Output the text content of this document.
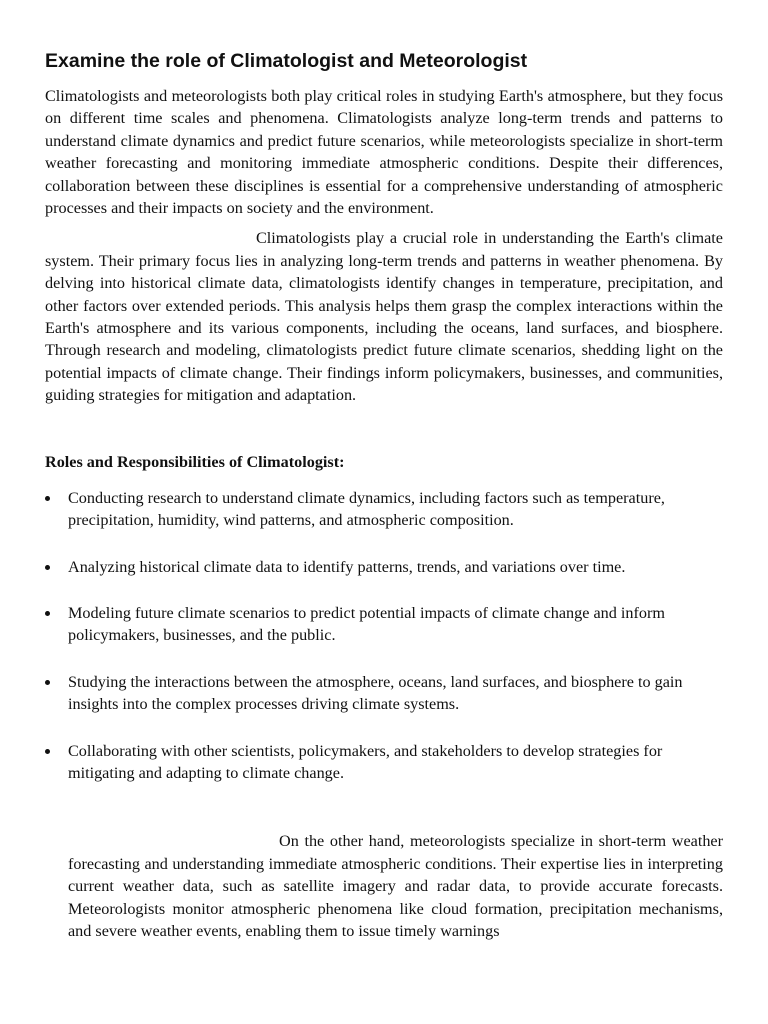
Examine the role of Climatologist and Meteorologist

Climatologists and meteorologists both play critical roles in studying Earth's atmosphere, but they focus on different time scales and phenomena. Climatologists analyze long-term trends and patterns to understand climate dynamics and predict future scenarios, while meteorologists specialize in short-term weather forecasting and monitoring immediate atmospheric conditions. Despite their differences, collaboration between these disciplines is essential for a comprehensive understanding of atmospheric processes and their impacts on society and the environment.

Climatologists play a crucial role in understanding the Earth's climate system. Their primary focus lies in analyzing long-term trends and patterns in weather phenomena. By delving into historical climate data, climatologists identify changes in temperature, precipitation, and other factors over extended periods. This analysis helps them grasp the complex interactions within the Earth's atmosphere and its various components, including the oceans, land surfaces, and biosphere. Through research and modeling, climatologists predict future climate scenarios, shedding light on the potential impacts of climate change. Their findings inform policymakers, businesses, and communities, guiding strategies for mitigation and adaptation.

Roles and Responsibilities of Climatologist:
Conducting research to understand climate dynamics, including factors such as temperature, precipitation, humidity, wind patterns, and atmospheric composition.
Analyzing historical climate data to identify patterns, trends, and variations over time.
Modeling future climate scenarios to predict potential impacts of climate change and inform policymakers, businesses, and the public.
Studying the interactions between the atmosphere, oceans, land surfaces, and biosphere to gain insights into the complex processes driving climate systems.
Collaborating with other scientists, policymakers, and stakeholders to develop strategies for mitigating and adapting to climate change.

On the other hand, meteorologists specialize in short-term weather forecasting and understanding immediate atmospheric conditions. Their expertise lies in interpreting current weather data, such as satellite imagery and radar data, to provide accurate forecasts. Meteorologists monitor atmospheric phenomena like cloud formation, precipitation mechanisms, and severe weather events, enabling them to issue timely warnings
